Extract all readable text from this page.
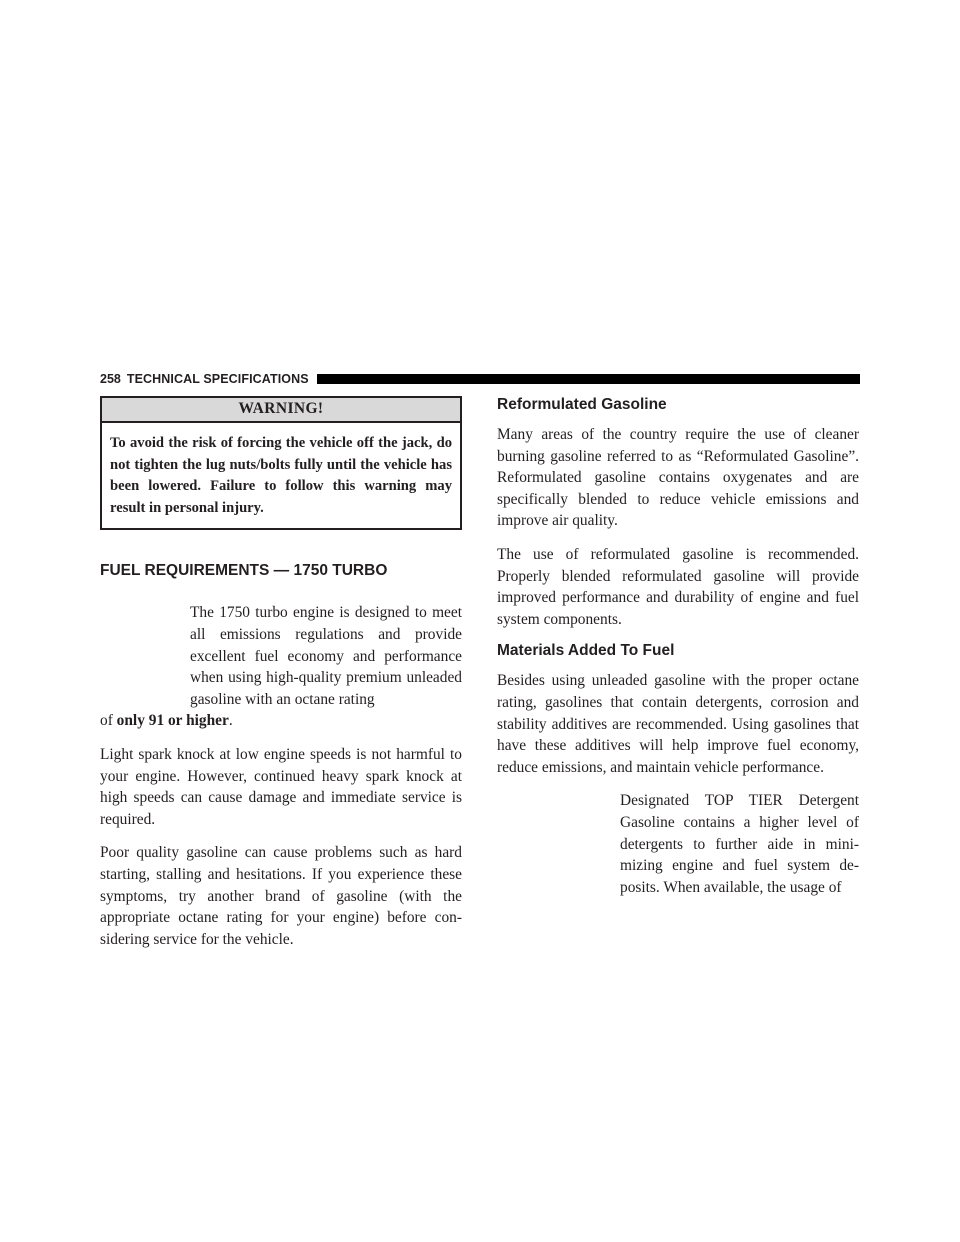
258 TECHNICAL SPECIFICATIONS
WARNING!

To avoid the risk of forcing the vehicle off the jack, do not tighten the lug nuts/bolts fully until the vehicle has been lowered. Failure to follow this warning may result in personal injury.

FUEL REQUIREMENTS — 1750 TURBO
The 1750 turbo engine is designed to meet all emissions regulations and provide excellent fuel economy and performance when using high-quality premium unleaded gasoline with an octane rating

of only 91 or higher.

Light spark knock at low engine speeds is not harmful to your engine. However, continued heavy spark knock at high speeds can cause damage and immediate service is required.

Poor quality gasoline can cause problems such as hard starting, stalling and hesitations. If you experience these symptoms, try another brand of gasoline (with the appropriate octane rating for your engine) before considering service for the vehicle.

Reformulated Gasoline

Many areas of the country require the use of cleaner burning gasoline referred to as “Reformulated Gasoline”. Reformulated gasoline contains oxygenates and are specifically blended to reduce vehicle emissions and improve air quality.

The use of reformulated gasoline is recommended. Properly blended reformulated gasoline will provide improved performance and durability of engine and fuel system components.

Materials Added To Fuel

Besides using unleaded gasoline with the proper octane rating, gasolines that contain detergents, corrosion and stability additives are recommended. Using gasolines that have these additives will help improve fuel economy, reduce emissions, and maintain vehicle performance.

Designated TOP TIER Detergent Gasoline contains a higher level of detergents to further aide in minimizing engine and fuel system deposits. When available, the usage of
